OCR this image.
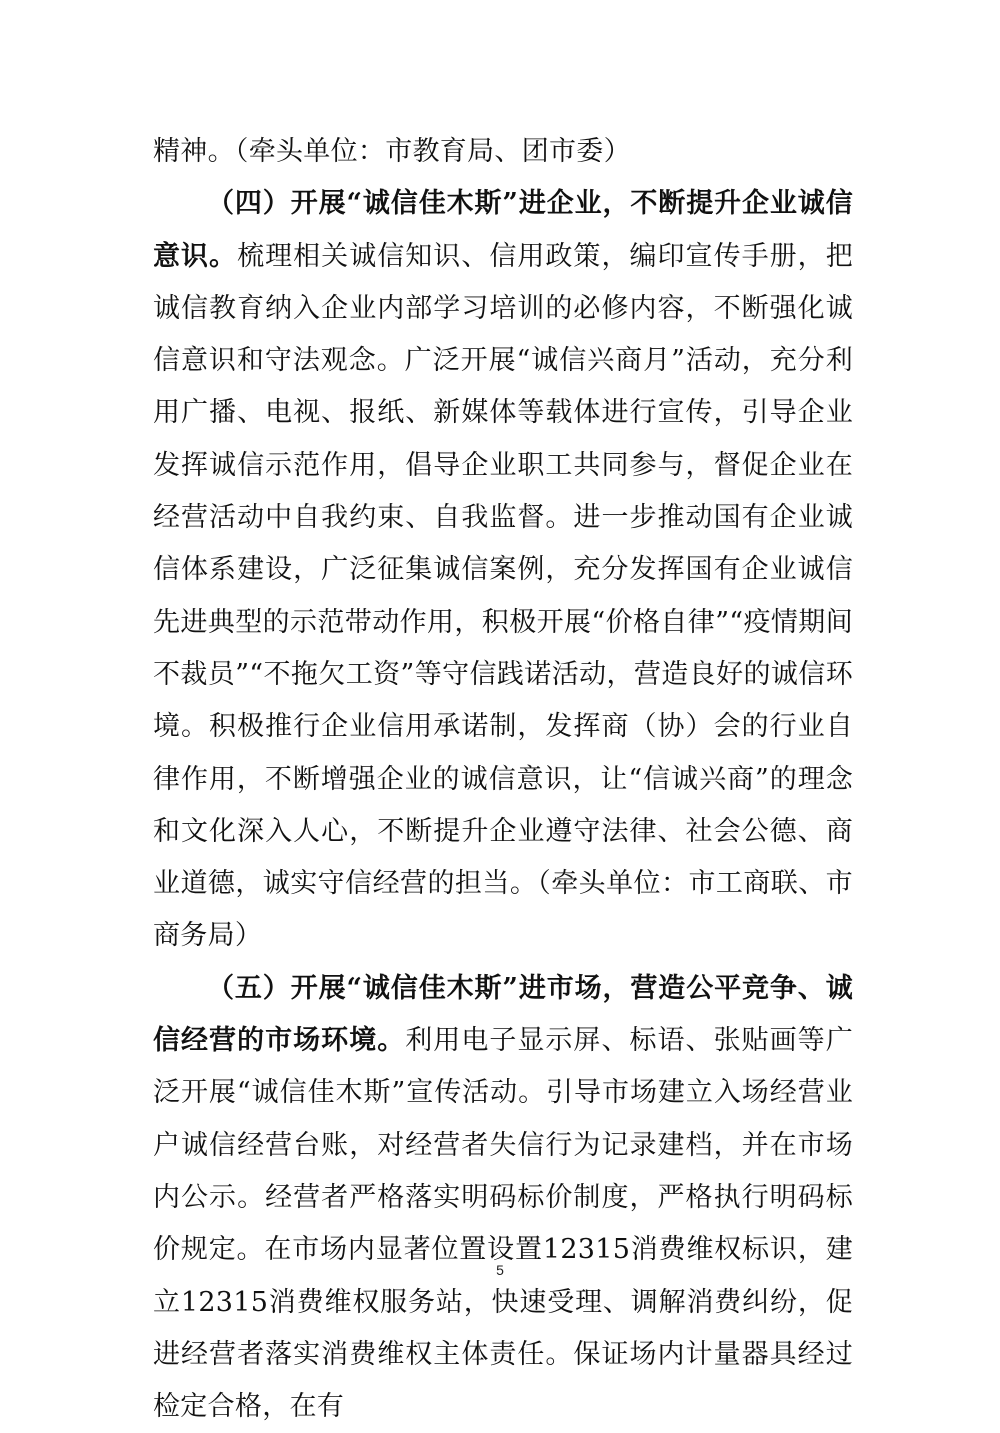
精神。（牵头单位：市教育局、团市委）

（四）开展“诚信佳木斯”进企业，不断提升企业诚信意识。梳理相关诚信知识、信用政策，编印宣传手册，把诚信教育纳入企业内部学习培训的必修内容，不断强化诚信意识和守法观念。广泛开展“诚信兴商月”活动，充分利用广播、电视、报纸、新媒体等载体进行宣传，引导企业发挥诚信示范作用，倡导企业职工共同参与，督促企业在经营活动中自我约束、自我监督。进一步推动国有企业诚信体系建设，广泛征集诚信案例，充分发挥国有企业诚信先进典型的示范带动作用，积极开展“价格自律”“疫情期间不裁员”“不拖欠工资”等守信践诺活动，营造良好的诚信环境。积极推行企业信用承诺制，发挥商（协）会的行业自律作用，不断增强企业的诚信意识，让“信诚兴商”的理念和文化深入人心，不断提升企业遵守法律、社会公德、商业道德，诚实守信经营的担当。（牵头单位：市工商联、市商务局）

（五）开展“诚信佳木斯”进市场，营造公平竞争、诚信经营的市场环境。利用电子显示屏、标语、张贴画等广泛开展“诚信佳木斯”宣传活动。引导市场建立入场经营业户诚信经营台账，对经营者失信行为记录建档，并在市场内公示。经营者严格落实明码标价制度，严格执行明码标价规定。在市场内显著位置设置12315消费维权标识，建立12315消费维权服务站，快速受理、调解消费纠纷，促进经营者落实消费维权主体责任。保证场内计量器具经过检定合格，在有

5
